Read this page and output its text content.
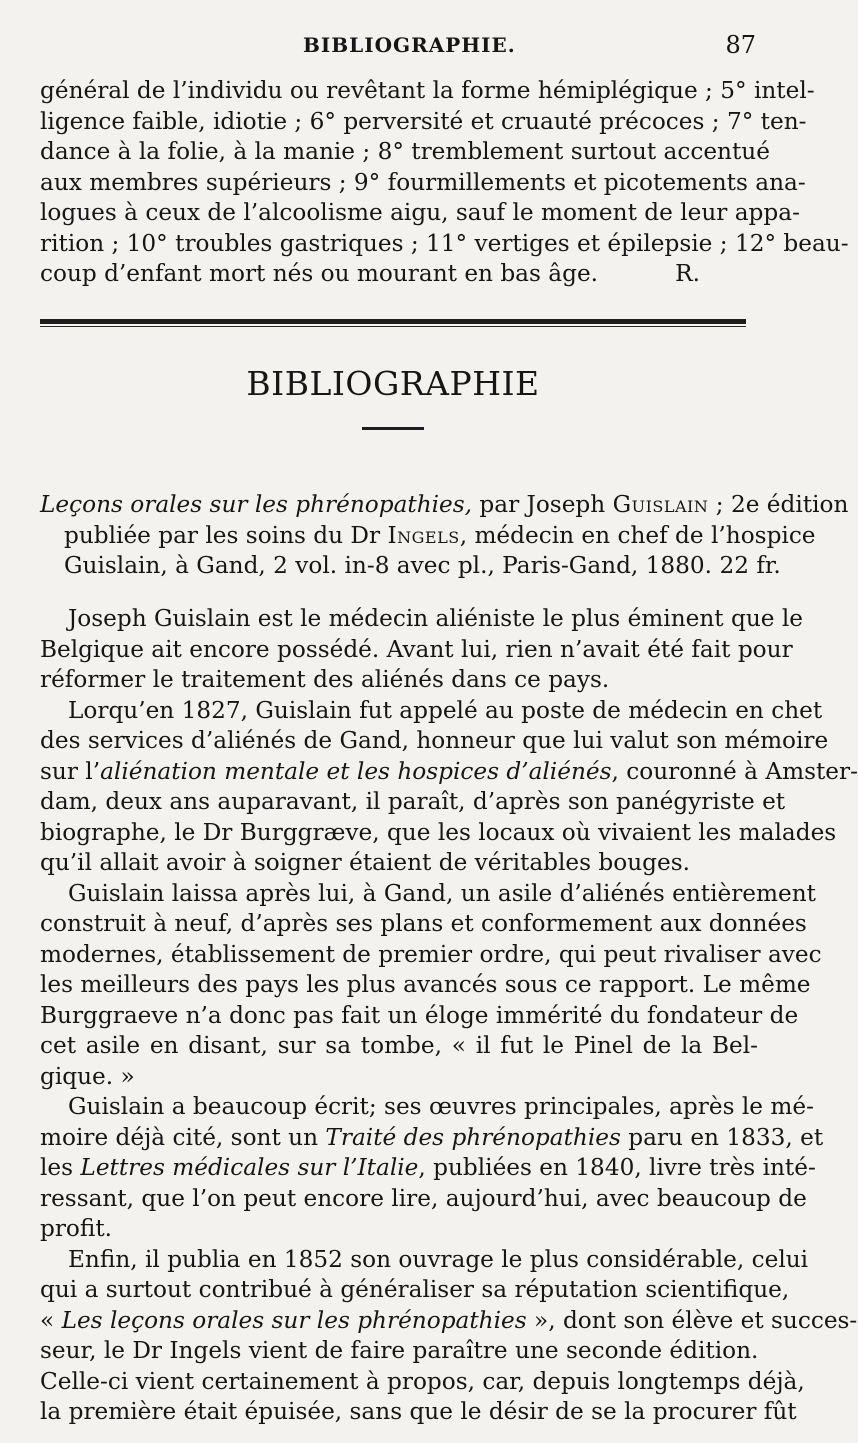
BIBLIOGRAPHIE.	87
général de l’individu ou revêtant la forme hémiplégique ; 5° intel-
ligence faible, idiotie ; 6° perversité et cruauté précoces ; 7° ten-
dance à la folie, à la manie ; 8° tremblement surtout accentué
aux membres supérieurs ; 9° fourmillements et picotements ana-
logues à ceux de l’alcoolisme aigu, sauf le moment de leur appa-
rition ; 10° troubles gastriques ; 11° vertiges et épilepsie ; 12° beau-
coup d’enfant mort nés ou mourant en bas âge.	R.
BIBLIOGRAPHIE
Leçons orales sur les phrénopathies, par Joseph Guislain ; 2e édition
publiée par les soins du Dr Ingels, médecin en chef de l’hospice
Guislain, à Gand, 2 vol. in-8 avec pl., Paris-Gand, 1880. 22 fr.
Joseph Guislain est le médecin aliéniste le plus éminent que le
Belgique ait encore possédé. Avant lui, rien n’avait été fait pour
réformer le traitement des aliénés dans ce pays.
Lorqu’en 1827, Guislain fut appelé au poste de médecin en chet
des services d’aliénés de Gand, honneur que lui valut son mémoire
sur l’aliénation mentale et les hospices d’aliénés, couronné à Amster-
dam, deux ans auparavant, il paraît, d’après son panégyriste et
biographe, le Dr Burggræve, que les locaux où vivaient les malades
qu’il allait avoir à soigner étaient de véritables bouges.
Guislain laissa après lui, à Gand, un asile d’aliénés entièrement
construit à neuf, d’après ses plans et conformement aux données
modernes, établissement de premier ordre, qui peut rivaliser avec
les meilleurs des pays les plus avancés sous ce rapport. Le même
Burggraeve n’a donc pas fait un éloge immérité du fondateur de
cet asile en disant, sur sa tombe, « il fut le Pinel de la Bel-
gique. »
Guislain a beaucoup écrit; ses œuvres principales, après le mé-
moire déjà cité, sont un Traité des phrénopathies paru en 1833, et
les Lettres médicales sur l’Italie, publiées en 1840, livre très inté-
ressant, que l’on peut encore lire, aujourd’hui, avec beaucoup de
profit.
Enfin, il publia en 1852 son ouvrage le plus considérable, celui
qui a surtout contribué à généraliser sa réputation scientifique,
« Les leçons orales sur les phrénopathies », dont son élève et succes-
seur, le Dr Ingels vient de faire paraître une seconde édition.
Celle-ci vient certainement à propos, car, depuis longtemps déjà,
la première était épuisée, sans que le désir de se la procurer fût
